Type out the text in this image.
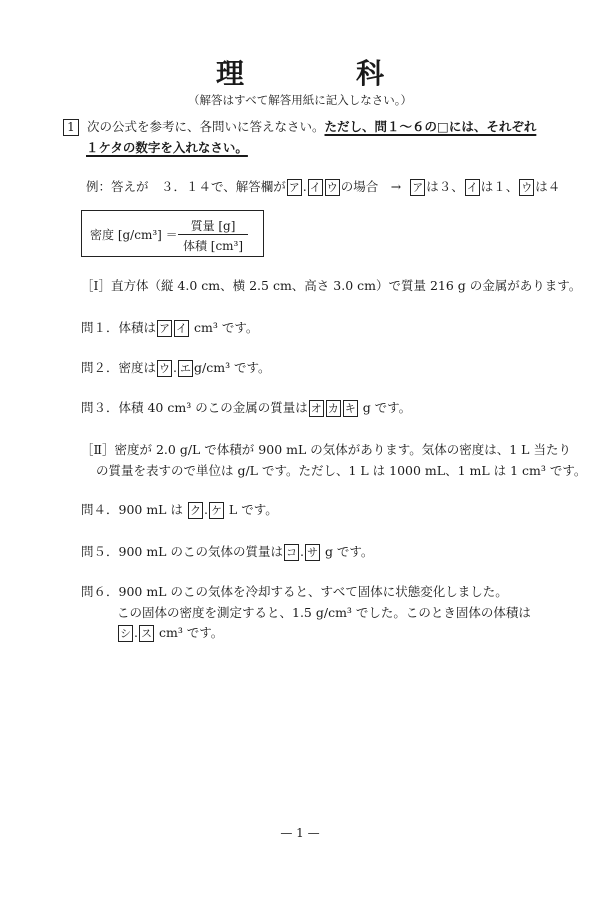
理　科
（解答はすべて解答用紙に記入しなさい。）
1 次の公式を参考に、各問いに答えなさい。ただし、問１～６の□には、それぞれ
１ケタの数字を入れなさい。
例：答えが　３．１４で、解答欄が ア . イ ウ の場合　→ ア は３、 イ は１、 ウ は４
密度 [g/cm³] ＝
質量 [g]
体積 [cm³]
［Ⅰ］直方体（縦 4.0 cm、横 2.5 cm、高さ 3.0 cm）で質量 216 g の金属があります。
問１．体積は ア イ cm³ です。
問２．密度は ウ . エ g/cm³ です。
問３．体積 40 cm³ のこの金属の質量は オ カ キ g です。
［Ⅱ］密度が 2.0 g/L で体積が 900 mL の気体があります。気体の密度は、1 L 当たり
の質量を表すので単位は g/L です。ただし、1 L は 1000 mL、1 mL は 1 cm³ です。
問４．900 mL は ク . ケ L です。
問５．900 mL のこの気体の質量は コ . サ g です。
問６．900 mL のこの気体を冷却すると、すべて固体に状態変化しました。
この固体の密度を測定すると、1.5 g/cm³ でした。このとき固体の体積は
シ . ス cm³ です。
— 1 —
